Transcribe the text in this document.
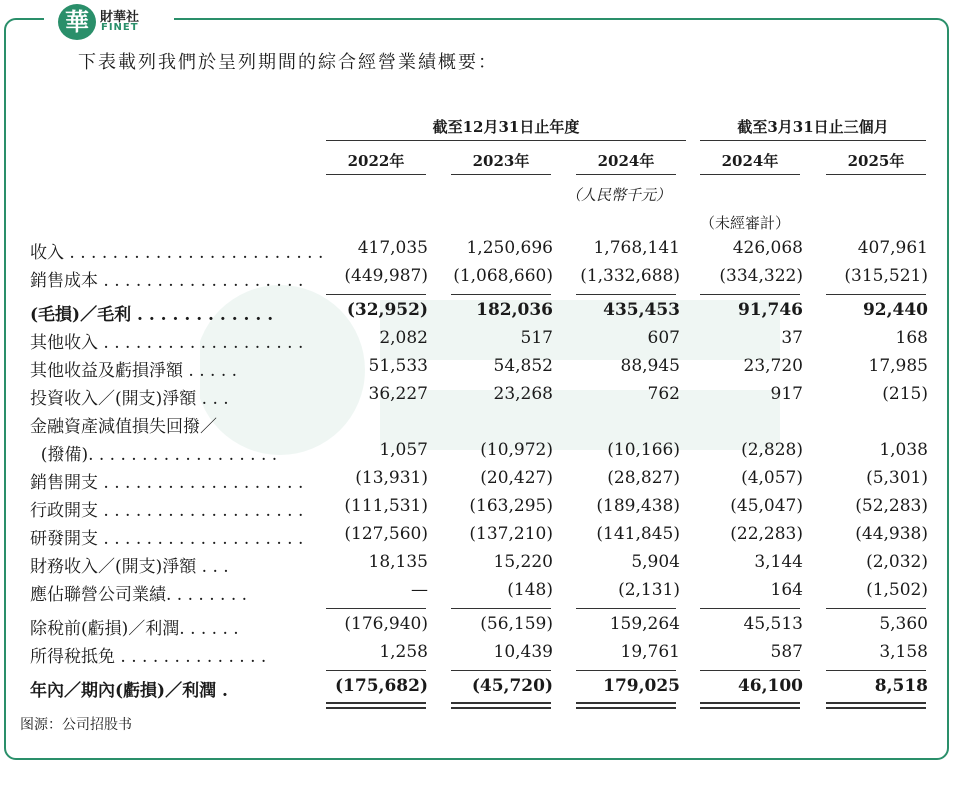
華 財華社
FINET
下表載列我們於呈列期間的綜合經營業績概要：
截至12月31日止年度	截至3月31日止三個月
2022年	2023年	2024年	2024年	2025年
（人民幣千元）
（未經審計）
收入 . . . . . . . . . . . . . . . . . . . . . . . .	417,035	1,250,696	1,768,141	426,068	407,961
銷售成本 . . . . . . . . . . . . . . . . . . .	(449,987)	(1,068,660)	(1,332,688)	(334,322)	(315,521)
(毛損)／毛利 . . . . . . . . . . . .	(32,952)	182,036	435,453	91,746	92,440
其他收入 . . . . . . . . . . . . . . . . . . .	2,082	517	607	37	168
其他收益及虧損淨額 . . . . .	51,533	54,852	88,945	23,720	17,985
投資收入／(開支)淨額 . . .	36,227	23,268	762	917	(215)
金融資產減值損失回撥／
(撥備). . . . . . . . . . . . . . . . . .	1,057	(10,972)	(10,166)	(2,828)	1,038
銷售開支 . . . . . . . . . . . . . . . . . . .	(13,931)	(20,427)	(28,827)	(4,057)	(5,301)
行政開支 . . . . . . . . . . . . . . . . . . .	(111,531)	(163,295)	(189,438)	(45,047)	(52,283)
研發開支 . . . . . . . . . . . . . . . . . . .	(127,560)	(137,210)	(141,845)	(22,283)	(44,938)
財務收入／(開支)淨額 . . .	18,135	15,220	5,904	3,144	(2,032)
應佔聯營公司業績. . . . . . . .	—	(148)	(2,131)	164	(1,502)
除稅前(虧損)／利潤. . . . . .	(176,940)	(56,159)	159,264	45,513	5,360
所得稅抵免 . . . . . . . . . . . . . .	1,258	10,439	19,761	587	3,158
年內／期內(虧損)／利潤 .	(175,682)	(45,720)	179,025	46,100	8,518
图源：公司招股书
